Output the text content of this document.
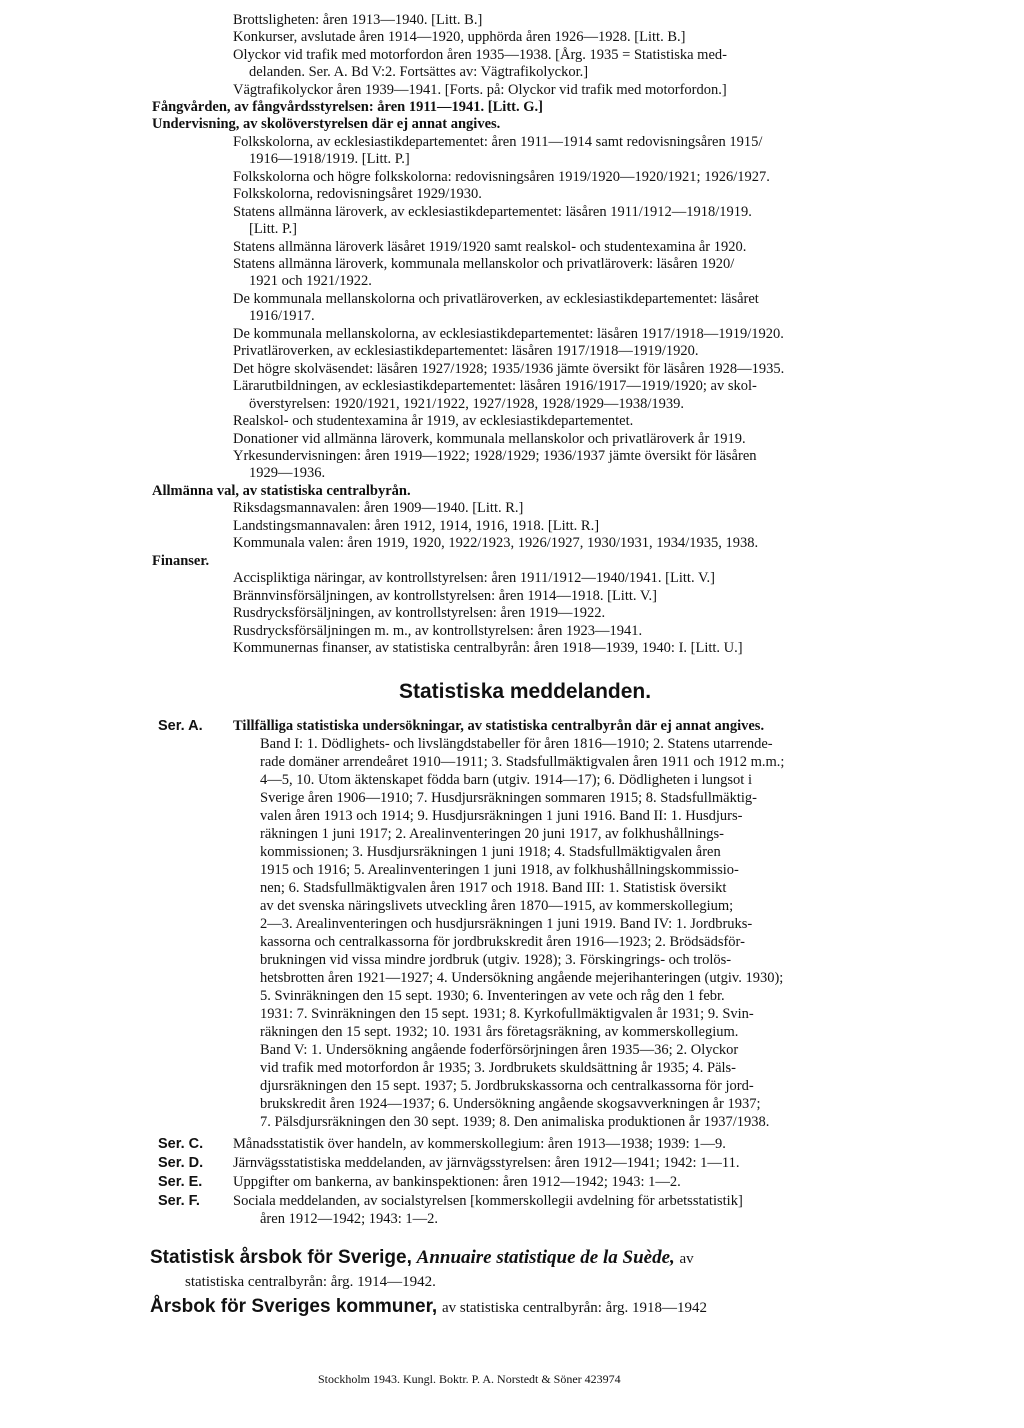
Brottsligheten: åren 1913—1940. [Litt. B.]
Konkurser, avslutade åren 1914—1920, upphörda åren 1926—1928. [Litt. B.]
Olyckor vid trafik med motorfordon åren 1935—1938. [Årg. 1935 = Statistiska med-
delanden. Ser. A. Bd V:2. Fortsättes av: Vägtrafikolyckor.]
Vägtrafikolyckor åren 1939—1941. [Forts. på: Olyckor vid trafik med motorfordon.]
Fångvården, av fångvårdsstyrelsen: åren 1911—1941. [Litt. G.]
Undervisning, av skolöverstyrelsen där ej annat angives.
Folkskolorna, av ecklesiastikdepartementet: åren 1911—1914 samt redovisningsåren 1915/
1916—1918/1919. [Litt. P.]
Folkskolorna och högre folkskolorna: redovisningsåren 1919/1920—1920/1921; 1926/1927.
Folkskolorna, redovisningsåret 1929/1930.
Statens allmänna läroverk, av ecklesiastikdepartementet: läsåren 1911/1912—1918/1919.
[Litt. P.]
Statens allmänna läroverk läsåret 1919/1920 samt realskol- och studentexamina år 1920.
Statens allmänna läroverk, kommunala mellanskolor och privatläroverk: läsåren 1920/
1921 och 1921/1922.
De kommunala mellanskolorna och privatläroverken, av ecklesiastikdepartementet: läsåret
1916/1917.
De kommunala mellanskolorna, av ecklesiastikdepartementet: läsåren 1917/1918—1919/1920.
Privatläroverken, av ecklesiastikdepartementet: läsåren 1917/1918—1919/1920.
Det högre skolväsendet: läsåren 1927/1928; 1935/1936 jämte översikt för läsåren 1928—1935.
Lärarutbildningen, av ecklesiastikdepartementet: läsåren 1916/1917—1919/1920; av skol-
överstyrelsen: 1920/1921, 1921/1922, 1927/1928, 1928/1929—1938/1939.
Realskol- och studentexamina år 1919, av ecklesiastikdepartementet.
Donationer vid allmänna läroverk, kommunala mellanskolor och privatläroverk år 1919.
Yrkesundervisningen: åren 1919—1922; 1928/1929; 1936/1937 jämte översikt för läsåren
1929—1936.
Allmänna val, av statistiska centralbyrån.
Riksdagsmannavalen: åren 1909—1940. [Litt. R.]
Landstingsmannavalen: åren 1912, 1914, 1916, 1918. [Litt. R.]
Kommunala valen: åren 1919, 1920, 1922/1923, 1926/1927, 1930/1931, 1934/1935, 1938.
Finanser.
Accispliktiga näringar, av kontrollstyrelsen: åren 1911/1912—1940/1941. [Litt. V.]
Brännvinsförsäljningen, av kontrollstyrelsen: åren 1914—1918. [Litt. V.]
Rusdrycksförsäljningen, av kontrollstyrelsen: åren 1919—1922.
Rusdrycksförsäljningen m. m., av kontrollstyrelsen: åren 1923—1941.
Kommunernas finanser, av statistiska centralbyrån: åren 1918—1939, 1940: I. [Litt. U.]
Statistiska meddelanden.
Ser. A. Tillfälliga statistiska undersökningar, av statistiska centralbyrån där ej annat angives.
Band I: 1. Dödlighets- och livslängdstabeller för åren 1816—1910; 2. Statens utarrende-
rade domäner arrendeåret 1910—1911; 3. Stadsfullmäktigvalen åren 1911 och 1912 m.m.;
4—5, 10. Utom äktenskapet födda barn (utgiv. 1914—17); 6. Dödligheten i lungsot i
Sverige åren 1906—1910; 7. Husdjursräkningen sommaren 1915; 8. Stadsfullmäktig-
valen åren 1913 och 1914; 9. Husdjursräkningen 1 juni 1916. Band II: 1. Husdjurs-
räkningen 1 juni 1917; 2. Arealinventeringen 20 juni 1917, av folkhushållnings-
kommissionen; 3. Husdjursräkningen 1 juni 1918; 4. Stadsfullmäktigvalen åren
1915 och 1916; 5. Arealinventeringen 1 juni 1918, av folkhushållningskommissio-
nen; 6. Stadsfullmäktigvalen åren 1917 och 1918. Band III: 1. Statistisk översikt
av det svenska näringslivets utveckling åren 1870—1915, av kommerskollegium;
2—3. Arealinventeringen och husdjursräkningen 1 juni 1919. Band IV: 1. Jordbruks-
kassorna och centralkassorna för jordbrukskredit åren 1916—1923; 2. Brödsädsför-
brukningen vid vissa mindre jordbruk (utgiv. 1928); 3. Förskingrings- och trolös-
hetsbrotten åren 1921—1927; 4. Undersökning angående mejerihanteringen (utgiv. 1930);
5. Svinräkningen den 15 sept. 1930; 6. Inventeringen av vete och råg den 1 febr.
1931: 7. Svinräkningen den 15 sept. 1931; 8. Kyrkofullmäktigvalen år 1931; 9. Svin-
räkningen den 15 sept. 1932; 10. 1931 års företagsräkning, av kommerskollegium.
Band V: 1. Undersökning angående foderförsörjningen åren 1935—36; 2. Olyckor
vid trafik med motorfordon år 1935; 3. Jordbrukets skuldsättning år 1935; 4. Päls-
djursräkningen den 15 sept. 1937; 5. Jordbrukskassorna och centralkassorna för jord-
brukskredit åren 1924—1937; 6. Undersökning angående skogsavverkningen år 1937;
7. Pälsdjursräkningen den 30 sept. 1939; 8. Den animaliska produktionen år 1937/1938.
Ser. C. Månadsstatistik över handeln, av kommerskollegium: åren 1913—1938; 1939: 1—9.
Ser. D. Järnvägsstatistiska meddelanden, av järnvägsstyrelsen: åren 1912—1941; 1942: 1—11.
Ser. E. Uppgifter om bankerna, av bankinspektionen: åren 1912—1942; 1943: 1—2.
Ser. F. Sociala meddelanden, av socialstyrelsen [kommerskollegii avdelning för arbetsstatistik]
åren 1912—1942; 1943: 1—2.
Statistisk årsbok för Sverige, Annuaire statistique de la Suède, av
statistiska centralbyrån: årg. 1914—1942.
Årsbok för Sveriges kommuner, av statistiska centralbyrån: årg. 1918—1942
Stockholm 1943. Kungl. Boktr. P. A. Norstedt & Söner 423974
